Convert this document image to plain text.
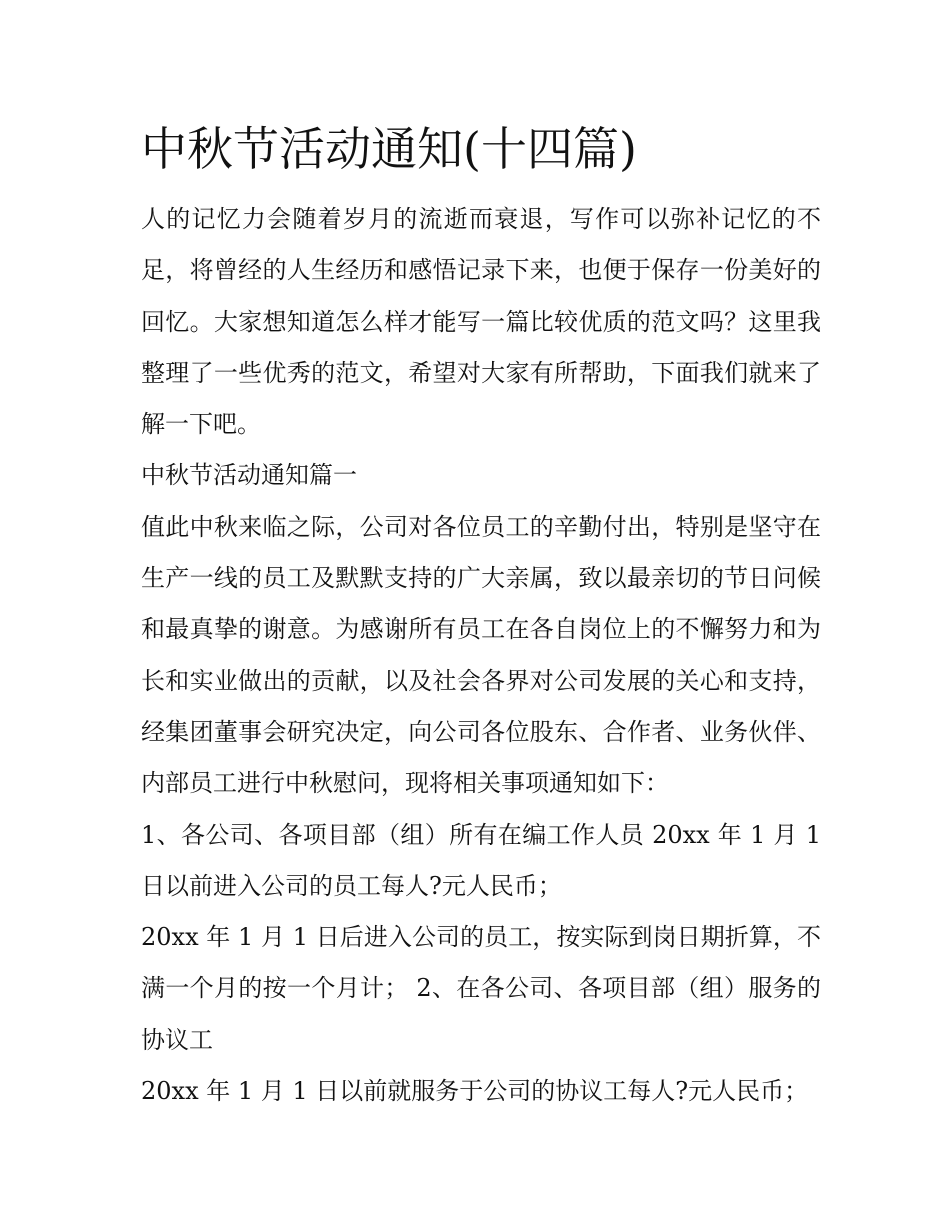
中秋节活动通知(十四篇)

人的记忆力会随着岁月的流逝而衰退，写作可以弥补记忆的不足，将曾经的人生经历和感悟记录下来，也便于保存一份美好的回忆。大家想知道怎么样才能写一篇比较优质的范文吗？这里我整理了一些优秀的范文，希望对大家有所帮助，下面我们就来了解一下吧。

中秋节活动通知篇一

值此中秋来临之际，公司对各位员工的辛勤付出，特别是坚守在生产一线的员工及默默支持的广大亲属，致以最亲切的节日问候和最真挚的谢意。为感谢所有员工在各自岗位上的不懈努力和为长和实业做出的贡献，以及社会各界对公司发展的关心和支持，经集团董事会研究决定，向公司各位股东、合作者、业务伙伴、内部员工进行中秋慰问，现将相关事项通知如下：

1、各公司、各项目部（组）所有在编工作人员 20xx 年 1 月 1 日以前进入公司的员工每人?元人民币；

20xx 年 1 月 1 日后进入公司的员工，按实际到岗日期折算，不满一个月的按一个月计； 2、在各公司、各项目部（组）服务的协议工

20xx 年 1 月 1 日以前就服务于公司的协议工每人?元人民币；
